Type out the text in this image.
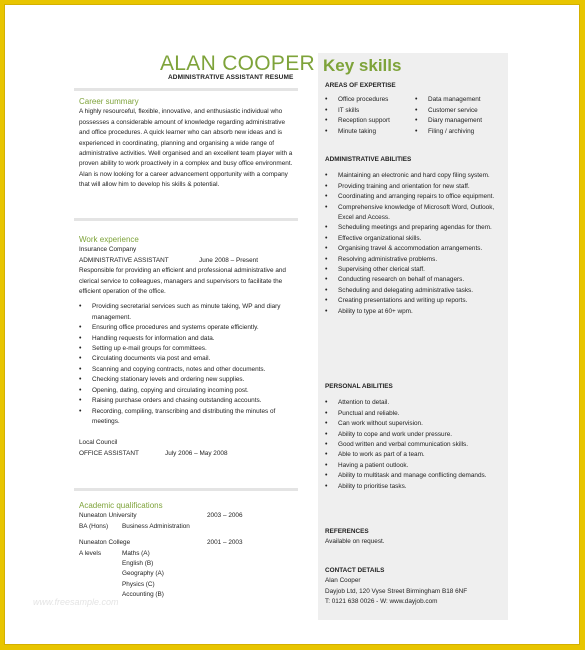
ALAN COOPER
ADMINISTRATIVE ASSISTANT RESUME
Career summary

A highly resourceful, flexible, innovative, and enthusiastic individual who possesses a considerable amount of knowledge regarding administrative and office procedures. A quick learner who can absorb new ideas and is experienced in coordinating, planning and organising a wide range of administrative activities. Well organised and an excellent team player with a proven ability to work proactively in a complex and busy office environment. Alan is now looking for a career advancement opportunity with a company that will allow him to develop his skills & potential.

Work experience
Insurance Company
ADMINISTRATIVE ASSISTANT	June 2008 – Present

Responsible for providing an efficient and professional administrative and clerical service to colleagues, managers and supervisors to facilitate the efficient operation of the office.

• Providing secretarial services such as minute taking, WP and diary management.
• Ensuring office procedures and systems operate efficiently.
• Handling requests for information and data.
• Setting up e-mail groups for committees.
• Circulating documents via post and email.
• Scanning and copying contracts, notes and other documents.
• Checking stationary levels and ordering new supplies.
• Opening, dating, copying and circulating incoming post.
• Raising purchase orders and chasing outstanding accounts.
• Recording, compiling, transcribing and distributing the minutes of meetings.
Local Council
OFFICE ASSISTANT	July 2006 – May 2008
Academic qualifications
Nuneaton University	2003 – 2006
BA (Hons)	Business Administration
Nuneaton College	2001 – 2003
A levels	Maths (A)
English (B)
Geography (A)
Physics (C)
Accounting (B)
www.freesample.com
Key skills
AREAS OF EXPERTISE
• Office procedures
• IT skills
• Reception support
• Minute taking
• Data management
• Customer service
• Diary management
• Filing / archiving
ADMINISTRATIVE ABILITIES
• Maintaining an electronic and hard copy filing system.
• Providing training and orientation for new staff.
• Coordinating and arranging repairs to office equipment.
• Comprehensive knowledge of Microsoft Word, Outlook, Excel and Access.
• Scheduling meetings and preparing agendas for them.
• Effective organizational skills.
• Organising travel & accommodation arrangements.
• Resolving administrative problems.
• Supervising other clerical staff.
• Conducting research on behalf of managers.
• Scheduling and delegating administrative tasks.
• Creating presentations and writing up reports.
• Ability to type at 60+ wpm.
PERSONAL ABILITIES
• Attention to detail.
• Punctual and reliable.
• Can work without supervision.
• Ability to cope and work under pressure.
• Good written and verbal communication skills.
• Able to work as part of a team.
• Having a patient outlook.
• Ability to multitask and manage conflicting demands.
• Ability to prioritise tasks.
REFERENCES
Available on request.
CONTACT DETAILS
Alan Cooper
Dayjob Ltd, 120 Vyse Street Birmingham B18 6NF
T: 0121 638 0026 - W: www.dayjob.com
